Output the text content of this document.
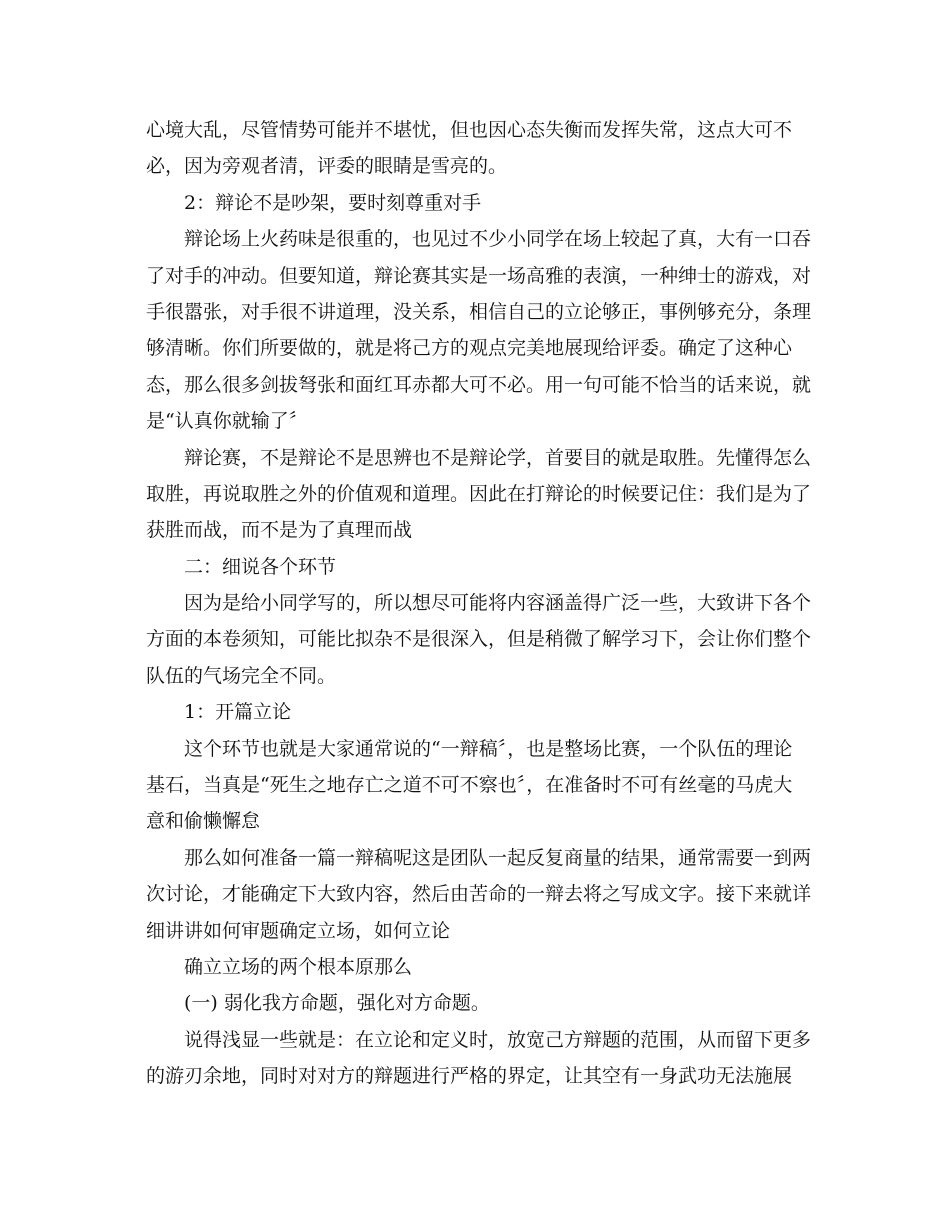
心境大乱，尽管情势可能并不堪忧，但也因心态失衡而发挥失常，这点大可不
必，因为旁观者清，评委的眼睛是雪亮的。
2：辩论不是吵架，要时刻尊重对手
辩论场上火药味是很重的，也见过不少小同学在场上较起了真，大有一口吞
了对手的冲动。但要知道，辩论赛其实是一场高雅的表演，一种绅士的游戏，对
手很嚣张，对手很不讲道理，没关系，相信自己的立论够正，事例够充分，条理
够清晰。你们所要做的，就是将己方的观点完美地展现给评委。确定了这种心
态，那么很多剑拔弩张和面红耳赤都大可不必。用一句可能不恰当的话来说，就
是“认真你就输了〞
辩论赛，不是辩论不是思辨也不是辩论学，首要目的就是取胜。先懂得怎么
取胜，再说取胜之外的价值观和道理。因此在打辩论的时候要记住：我们是为了
获胜而战，而不是为了真理而战
二：细说各个环节
因为是给小同学写的，所以想尽可能将内容涵盖得广泛一些，大致讲下各个
方面的本卷须知，可能比拟杂不是很深入，但是稍微了解学习下，会让你们整个
队伍的气场完全不同。
1：开篇立论
这个环节也就是大家通常说的“一辩稿〞，也是整场比赛，一个队伍的理论
基石，当真是“死生之地存亡之道不可不察也〞，在准备时不可有丝毫的马虎大
意和偷懒懈怠
那么如何准备一篇一辩稿呢这是团队一起反复商量的结果，通常需要一到两
次讨论，才能确定下大致内容，然后由苦命的一辩去将之写成文字。接下来就详
细讲讲如何审题确定立场，如何立论
确立立场的两个根本原那么
(一) 弱化我方命题，强化对方命题。
说得浅显一些就是：在立论和定义时，放宽己方辩题的范围，从而留下更多
的游刃余地，同时对对方的辩题进行严格的界定，让其空有一身武功无法施展
